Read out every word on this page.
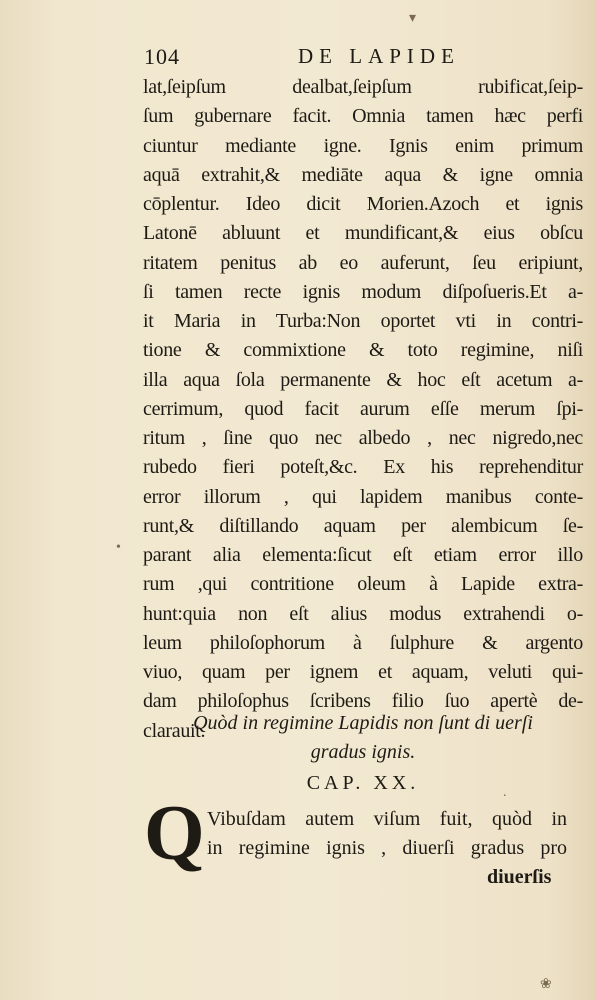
▾
104	DE LAPIDE
lat,ſeipſum dealbat,ſeipſum rubificat,ſeip-
ſum gubernare facit. Omnia tamen hæc perfi
ciuntur mediante igne. Ignis enim primum
aquā extrahit,& mediāte aqua & igne omnia
cōplentur. Ideo dicit Morien.Azoch et ignis
Latonē abluunt et mundificant,& eius obſcu
ritatem penitus ab eo auferunt, ſeu eripiunt,
ſi tamen recte ignis modum diſpoſueris.Et a-
it Maria in Turba:Non oportet vti in contri-
tione & commixtione & toto regimine, niſi
illa aqua ſola permanente & hoc eſt acetum a-
cerrimum, quod facit aurum eſſe merum ſpi-
ritum , ſine quo nec albedo , nec nigredo,nec
rubedo fieri poteſt,&c. Ex his reprehenditur
error illorum , qui lapidem manibus conte-
runt,& diſtillando aquam per alembicum ſe-
parant alia elementa:ſicut eſt etiam error illo
rum ,qui contritione oleum à Lapide extra-
hunt:quia non eſt alius modus extrahendi o-
leum philoſophorum à ſulphure & argento
viuo, quam per ignem et aquam, veluti qui-
dam philoſophus ſcribens filio ſuo apertè de-
clarauit.
•
Quòd in regimine Lapidis non ſunt di uerſi
gradus ignis.
CAP. XX.	.
Q Vibuſdam autem viſum fuit, quòd in
in regimine ignis , diuerſi gradus pro
diuerſis
❀
